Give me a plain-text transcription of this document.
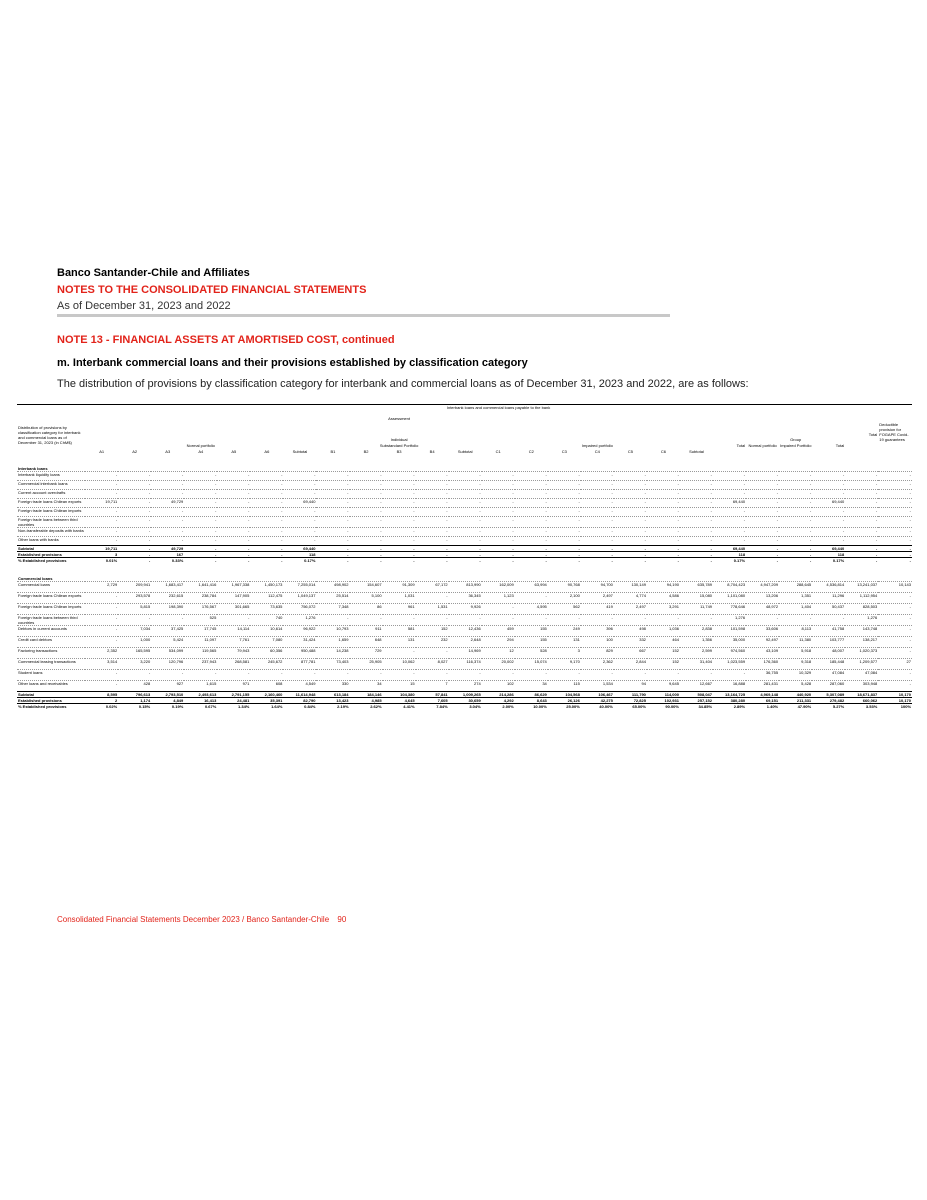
Banco Santander-Chile and Affiliates
NOTES TO THE CONSOLIDATED FINANCIAL STATEMENTS
As of December 31, 2023 and 2022
NOTE 13 - FINANCIAL ASSETS AT AMORTISED COST, continued
m. Interbank commercial loans and their provisions established by classification category
The distribution of provisions by classification category for interbank and commercial loans as of December 31, 2023 and 2022, are as follows:
Distribution of provisions by classification category for interbank and commercial loans as of December 31, 2023 (in ChM$)	Interbank loans and commercial loans payable to the bank																								
	Assessment																								
	Individual																				Group			Total	Deductible provision for FOGAPE Covid-19 guarantees
	Normal portfolio							Substandard Portfolio					Impaired portfolio							Total	Normal portfolio	Impaired Portfolio	Total		
	A1	A2	A3	A4	A5	A6	Subtotal	B1	B2	B3	B4	Subtotal	C1	C2	C3	C4	C5	C6	Subtotal						

Interbank loans																									
Interbank liquidity loans	-	-	-	-	-	-	-	-	-	-	-	-	-	-	-	-	-	-	-	-	-	-	-	-	-
Commercial interbank loans	-	-	-	-	-	-	-	-	-	-	-	-	-	-	-	-	-	-	-	-	-	-	-	-	-
Current account overdrafts	-	-	-	-	-	-	-	-	-	-	-	-	-	-	-	-	-	-	-	-	-	-	-	-	-
Foreign trade loans Chilean exports	19,711	-	49,729	-	-	-	69,440	-	-	-	-	-	-	-	-	-	-	-	-	69,440	-	-	69,440	-	-
Foreign trade loans Chilean imports	-	-	-	-	-	-	-	-	-	-	-	-	-	-	-	-	-	-	-	-	-	-	-	-	-
Foreign trade loans between third countries	-	-	-	-	-	-	-	-	-	-	-	-	-	-	-	-	-	-	-	-	-	-	-	-	-
Non-transferable deposits with banks	-	-	-	-	-	-	-	-	-	-	-	-	-	-	-	-	-	-	-	-	-	-	-	-	-
Other loans with banks	-	-	-	-	-	-	-	-	-	-	-	-	-	-	-	-	-	-	-	-	-	-	-	-	-
Subtotal	19,711	-	49,729	-	-	-	69,440	-	-	-	-	-	-	-	-	-	-	-	-	69,440	-	-	69,440	-	-
Established provisions	3	-	167	-	-	-	118	-	-	-	-	-	-	-	-	-	-	-	-	118	-	-	118	-	-
% Established provisions	0.01%	-	0.33%	-	-	-	0.17%	-	-	-	-	-	-	-	-	-	-	-	-	0.17%	-	-	0.17%	-	-

Commercial loans																									
Commercial loans	2,729	209,941	1,683,417	1,641,416	1,967,338	1,450,173	7,255,014	498,902	154,607	91,309	67,172	813,990	162,009	63,994	90,768	94,700	130,149	94,190	635,789	8,704,423	4,947,209	288,645	4,536,814	13,241,037	10,143
Foreign trade loans Chilean exports	-	293,578	232,615	238,784	147,905	112,475	1,049,137	25,514	5,100	1,031	-	36,345	1,123	-	2,100	2,497	4,774	4,586	15,080	1,101,080	13,206	1,351	11,296	1,112,954	-
Foreign trade loans Chilean imports	-	5,815	198,390	176,567	301,665	73,635	756,072	7,348	86	961	1,531	9,926	-	4,595	562	419	2,497	3,291	11,749	778,646	48,972	1,404	50,437	828,503	-
Foreign trade loans between third countries	-	-	-	525	-	740	1,276	-	-	-	-	-	-	-	-	-	-	-	-	1,276	-	-	-	1,276	-
Debtors in current accounts	-	7,034	37,425	17,745	14,114	10,614	96,922	10,793	911	581	152	12,436	459	155	249	396	498	1,036	2,838	101,598	33,606	8,113	41,758	143,748	-
Credit card debtors	-	1,000	5,424	11,097	7,761	7,080	31,424	1,659	648	131	232	2,648	294	155	131	100	332	464	1,356	35,000	92,497	11,380	103,777	138,217	-
Factoring transactions	2,352	165,595	534,099	119,565	79,943	60,356	950,488	14,238	729	-	-	14,969	12	528	3	829	667	152	2,599	974,560	43,109	5,918	48,007	1,020,373	-
Commercial leasing transactions	3,514	3,220	120,796	237,943	268,581	245,672	877,781	73,403	25,905	10,062	8,027	116,374	20,002	15,074	9,170	2,362	2,844	152	31,404	1,023,559	176,360	9,318	185,448	1,209,577	27
Student loans	-	-	-	-	-	-	-	-	-	-	-	-	-	-	-	-	-	-	-	-	36,755	10,329	47,084	47,084	-
Other loans and receivables	-	428	927	1,615	971	608	4,549	330	34	15	7	274	102	34	115	1,534	94	9,645	12,667	16,888	281,431	5,428	287,060	303,948	-
Subtotal	8,595	796,613	2,793,510	2,493,613	2,791,155	2,160,460	11,614,948	613,184	184,146	104,380	57,841	1,009,265	214,286	86,629	104,568	106,467	111,790	114,000	508,047	13,164,725	4,969,148	440,920	5,307,089	18,671,837	10,170
Established provisions	2	1,174	4,849	16,413	24,481	35,391	82,790	13,423	4,985	4,645	7,605	30,659	4,292	8,643	26,126	42,275	72,825	102,931	257,152	380,280	69,151	211,331	279,482	660,062	10,170
% Established provisions	0.02%	0.15%	0.19%	0.67%	1.34%	1.64%	0.84%	2.19%	2.62%	4.41%	7.84%	3.04%	2.00%	10.00%	25.00%	40.00%	65.00%	90.00%	34.85%	2.89%	1.40%	47.90%	5.27%	3.53%	100%
Consolidated Financial Statements December 2023 / Banco Santander-Chile 90
